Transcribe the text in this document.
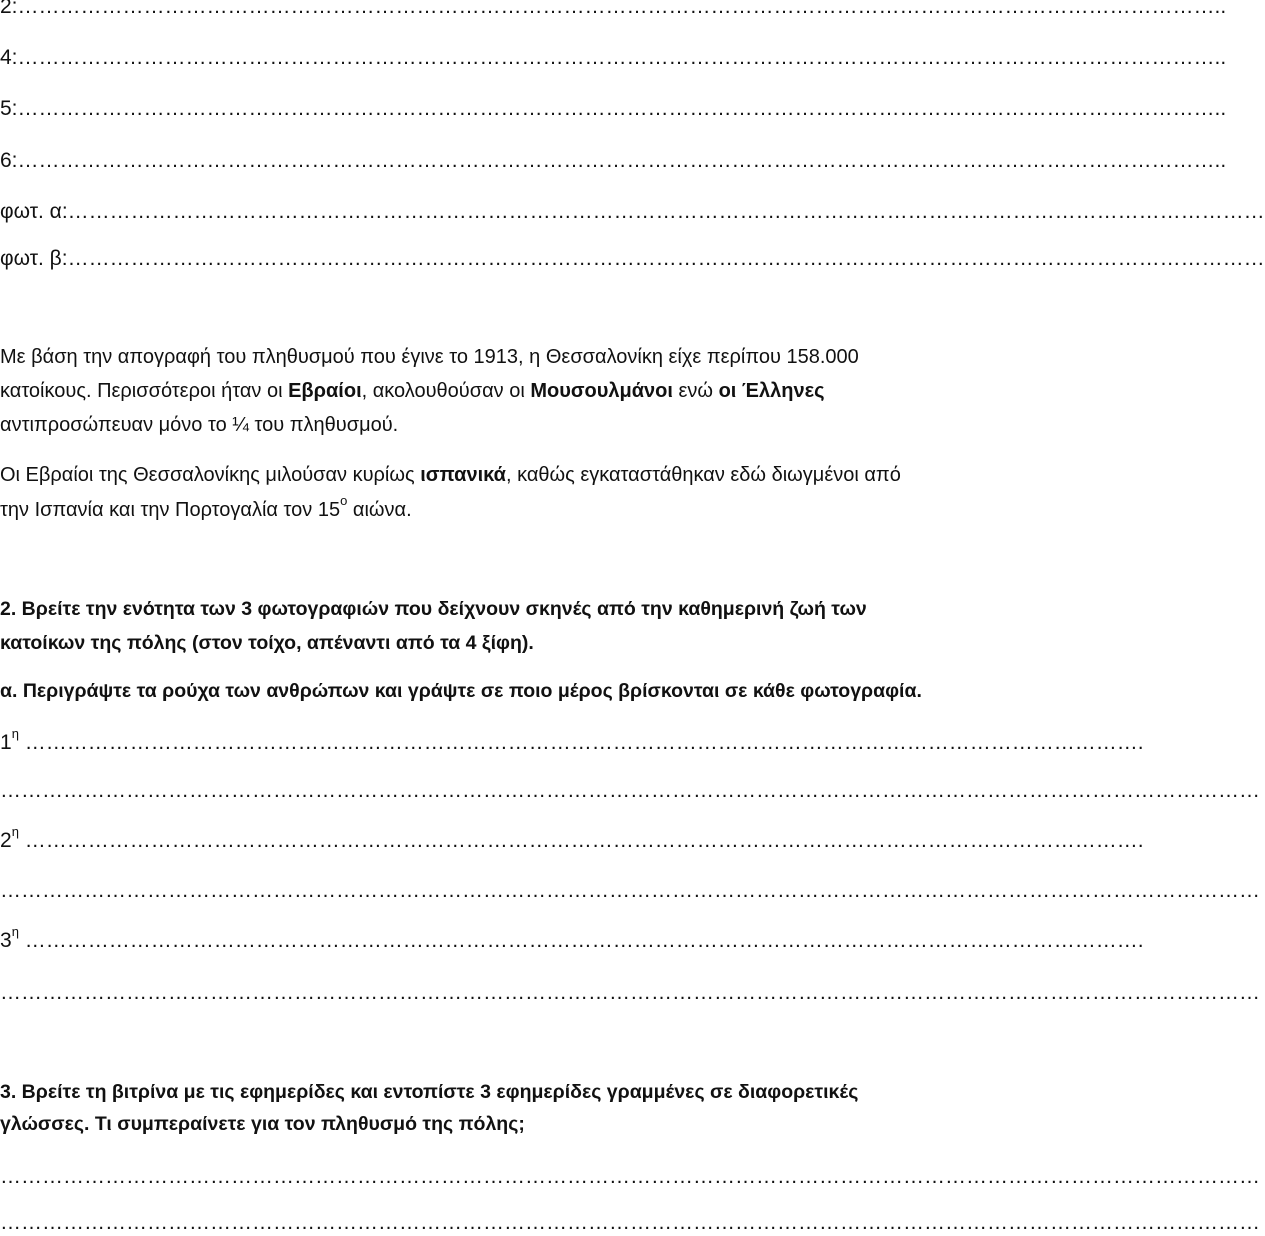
2:………………………………………………………………………………………………………………………………………………………..
4:………………………………………………………………………………………………………………………………………………………..
5:………………………………………………………………………………………………………………………………………………………..
6:………………………………………………………………………………………………………………………………………………………..
φωτ. α:………………………………………………………………………………………………………………………………………………………
φωτ. β:………………………………………………………………………………………………………………………………………………………
Με βάση την απογραφή του πληθυσμού που έγινε το 1913, η Θεσσαλονίκη είχε περίπου 158.000
κατοίκους. Περισσότεροι ήταν οι Εβραίοι, ακολουθούσαν οι Μουσουλμάνοι ενώ οι Έλληνες
αντιπροσώπευαν μόνο το ¼ του πληθυσμού.
Οι Εβραίοι της Θεσσαλονίκης μιλούσαν κυρίως ισπανικά, καθώς εγκαταστάθηκαν εδώ διωγμένοι από
την Ισπανία και την Πορτογαλία τον $15^o$ αιώνα.
2. Βρείτε την ενότητα των 3 φωτογραφιών που δείχνουν σκηνές από την καθημερινή ζωή των
κατοίκων της πόλης (στον τοίχο, απέναντι από τα 4 ξίφη).
α. Περιγράψτε τα ρούχα των ανθρώπων και γράψτε σε ποιο μέρος βρίσκονται σε κάθε φωτογραφία.
$1^\eta$ …………………………………………………………………………………………………………………………………………….
………………………………………………………………………………………………………………………………………………………………
$2^\eta$ …………………………………………………………………………………………………………………………………………….
………………………………………………………………………………………………………………………………………………………………
$3^\eta$ …………………………………………………………………………………………………………………………………………….
………………………………………………………………………………………………………………………………………………………………
3. Βρείτε τη βιτρίνα με τις εφημερίδες και εντοπίστε 3 εφημερίδες γραμμένες σε διαφορετικές
γλώσσες. Τι συμπεραίνετε για τον πληθυσμό της πόλης;
………………………………………………………………………………………………………………………………………………………………
………………………………………………………………………………………………………………………………………………………………
